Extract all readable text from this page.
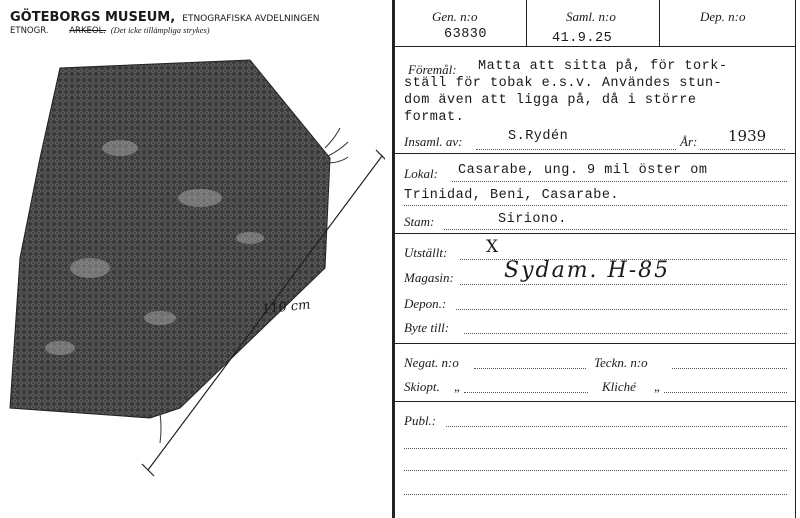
GÖTEBORGS MUSEUM, ETNOGRAFISKA AVDELNINGEN
ETNOGR. ARKEOL. (Det icke tillämpliga strykes)
110 cm
Gen. n:o
63830
Saml. n:o
41.9.25
Dep. n:o
Föremål: Matta att sitta på, för tork-
ställ för tobak e.s.v. Användes stun-
dom även att ligga på, då i större
format.
Insaml. av:	S.Rydén	År: 1939
Lokal: Casarabe, ung. 9 mil öster om
Trinidad, Beni, Casarabe.
Stam:	Siriono.
Utställt: X
Magasin: Sydam. H-85
Depon.:
Byte till:
Negat. n:o	Teckn. n:o
Skiopt. „	Kliché „
Publ.:
